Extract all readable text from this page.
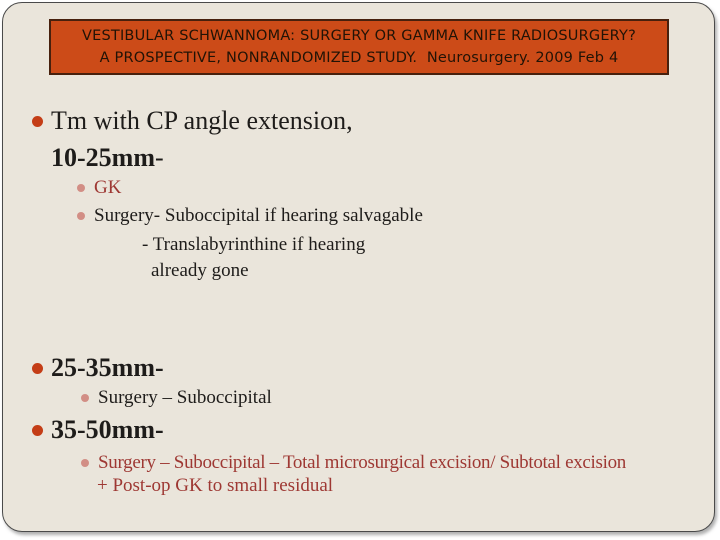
VESTIBULAR SCHWANNOMA: SURGERY OR GAMMA KNIFE RADIOSURGERY?
A PROSPECTIVE, NONRANDOMIZED STUDY.  Neurosurgery. 2009 Feb 4
Tm with CP angle extension,
10-25mm -
GK
Surgery- Suboccipital if hearing salvagable
- Translabyrinthine if hearing
already gone
25-35mm-
Surgery – Suboccipital
35-50mm-
Surgery – Suboccipital – Total microsurgical excision/ Subtotal excision
+ Post-op GK to small residual
